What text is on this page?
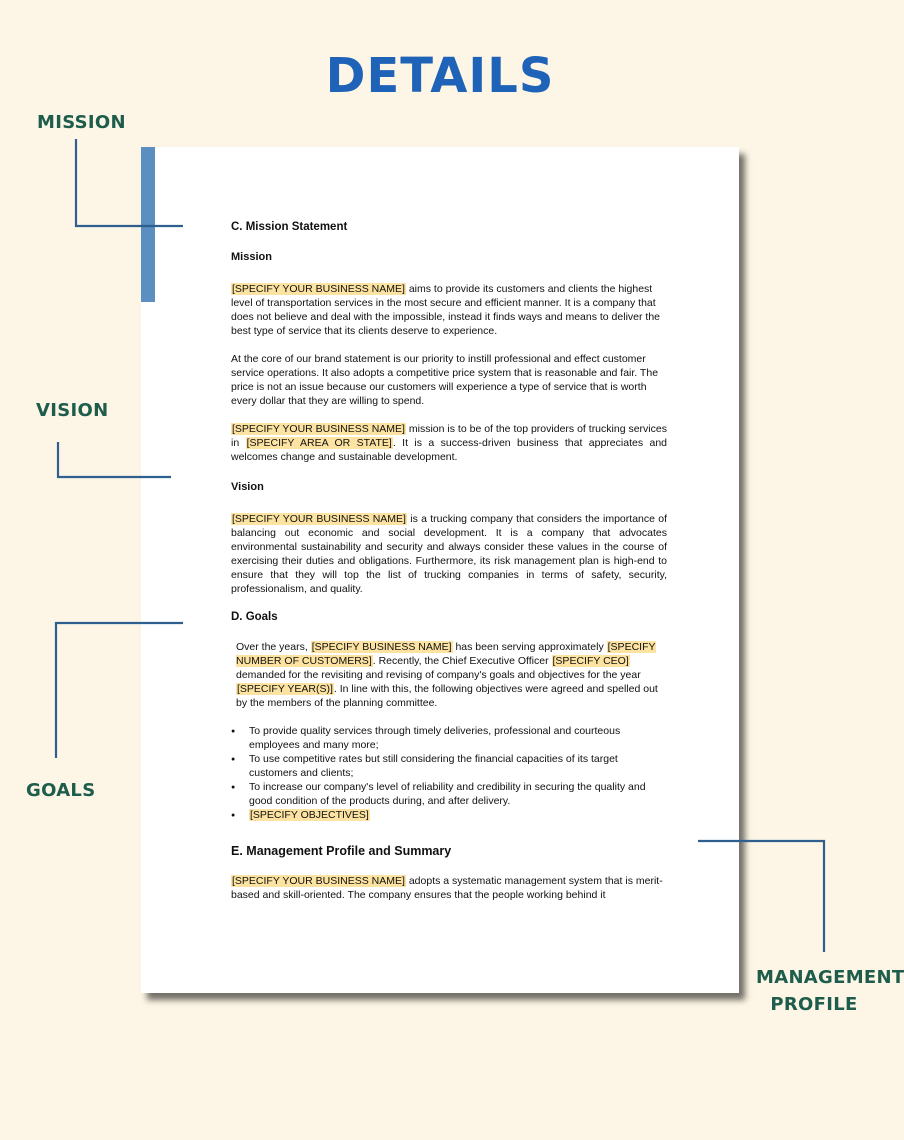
DETAILS
MISSION
VISION
GOALS
MANAGEMENT
PROFILE
C. Mission Statement
Mission

[SPECIFY YOUR BUSINESS NAME] aims to provide its customers and clients the highest level of transportation services in the most secure and efficient manner. It is a company that does not believe and deal with the impossible, instead it finds ways and means to deliver the best type of service that its clients deserve to experience.

At the core of our brand statement is our priority to instill professional and effect customer service operations. It also adopts a competitive price system that is reasonable and fair. The price is not an issue because our customers will experience a type of service that is worth every dollar that they are willing to spend.

[SPECIFY YOUR BUSINESS NAME] mission is to be of the top providers of trucking services in [SPECIFY AREA OR STATE]. It is a success-driven business that appreciates and welcomes change and sustainable development.

Vision

[SPECIFY YOUR BUSINESS NAME] is a trucking company that considers the importance of balancing out economic and social development. It is a company that advocates environmental sustainability and security and always consider these values in the course of exercising their duties and obligations. Furthermore, its risk management plan is high-end to ensure that they will top the list of trucking companies in terms of safety, security, professionalism, and quality.

D. Goals

Over the years, [SPECIFY BUSINESS NAME] has been serving approximately [SPECIFY NUMBER OF CUSTOMERS]. Recently, the Chief Executive Officer [SPECIFY CEO] demanded for the revisiting and revising of company's goals and objectives for the year [SPECIFY YEAR(S)]. In line with this, the following objectives were agreed and spelled out by the members of the planning committee.

● To provide quality services through timely deliveries, professional and courteous employees and many more;
● To use competitive rates but still considering the financial capacities of its target customers and clients;
● To increase our company's level of reliability and credibility in securing the quality and good condition of the products during, and after delivery.
● [SPECIFY OBJECTIVES]
E. Management Profile and Summary

[SPECIFY YOUR BUSINESS NAME] adopts a systematic management system that is merit-based and skill-oriented. The company ensures that the people working behind it
